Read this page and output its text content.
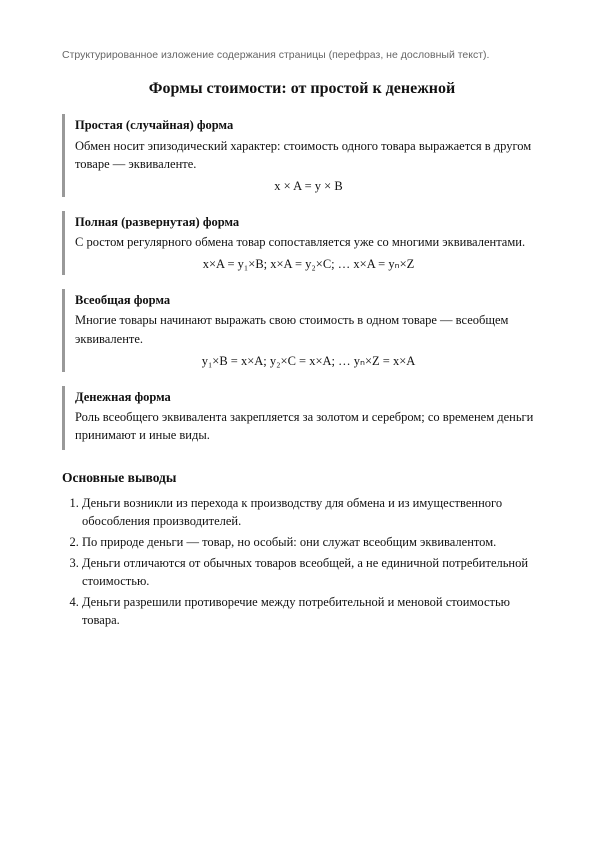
Структурированное изложение содержания страницы (перефраз, не дословный текст).

Формы стоимости: от простой к денежной

Простая (случайная) форма

Обмен носит эпизодический характер: стоимость одного товара выражается в другом товаре — эквиваленте.

x × A = y × B

Полная (развернутая) форма

С ростом регулярного обмена товар сопоставляется уже со многими эквивалентами.

x×A = y₁×B; x×A = y₂×C; … x×A = yₙ×Z

Всеобщая форма

Многие товары начинают выражать свою стоимость в одном товаре — всеобщем эквиваленте.

y₁×B = x×A; y₂×C = x×A; … yₙ×Z = x×A

Денежная форма

Роль всеобщего эквивалента закрепляется за золотом и серебром; со временем деньги принимают и иные виды.

Основные выводы
1. Деньги возникли из перехода к производству для обмена и из имущественного обособления производителей.
2. По природе деньги — товар, но особый: они служат всеобщим эквивалентом.
3. Деньги отличаются от обычных товаров всеобщей, а не единичной потребительной стоимостью.
4. Деньги разрешили противоречие между потребительной и меновой стоимостью товара.
